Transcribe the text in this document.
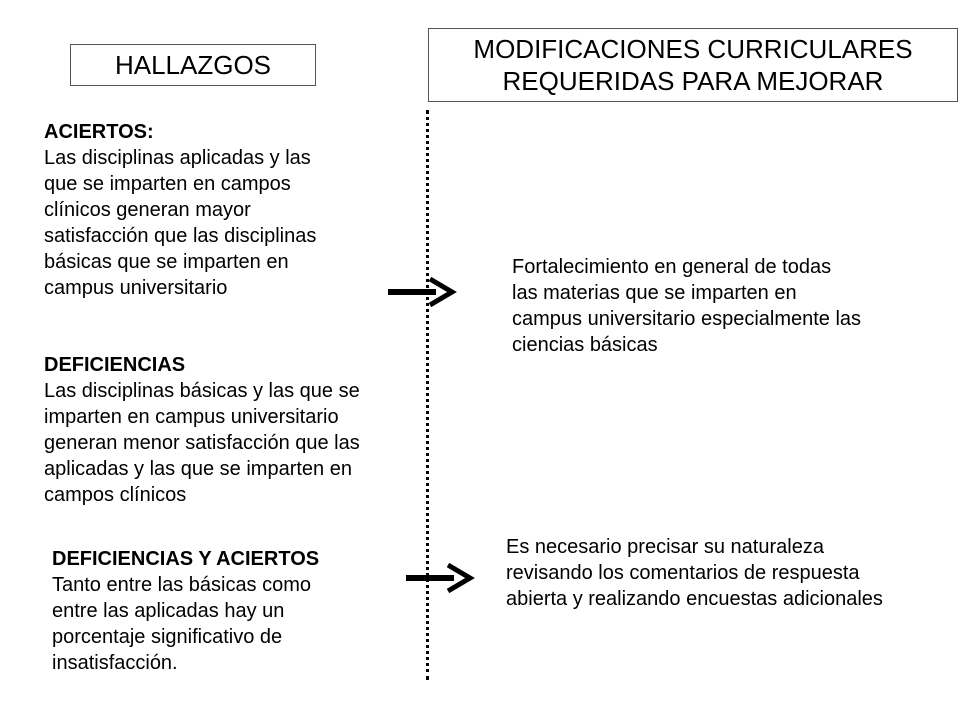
HALLAZGOS
MODIFICACIONES CURRICULARES
REQUERIDAS PARA MEJORAR
ACIERTOS:
Las disciplinas aplicadas y las
que se imparten en campos
clínicos generan mayor
satisfacción que las disciplinas
básicas que se imparten en
campus universitario
DEFICIENCIAS
Las disciplinas básicas y las que se
imparten en campus universitario
generan menor satisfacción que las
aplicadas y las que se imparten en
campos clínicos
DEFICIENCIAS Y ACIERTOS
Tanto entre las básicas como
entre las aplicadas hay un
porcentaje significativo de
insatisfacción.
Fortalecimiento en general de todas
las materias que se imparten en
campus universitario especialmente las
ciencias básicas
Es necesario precisar su naturaleza
revisando los comentarios de respuesta
abierta y realizando encuestas adicionales
